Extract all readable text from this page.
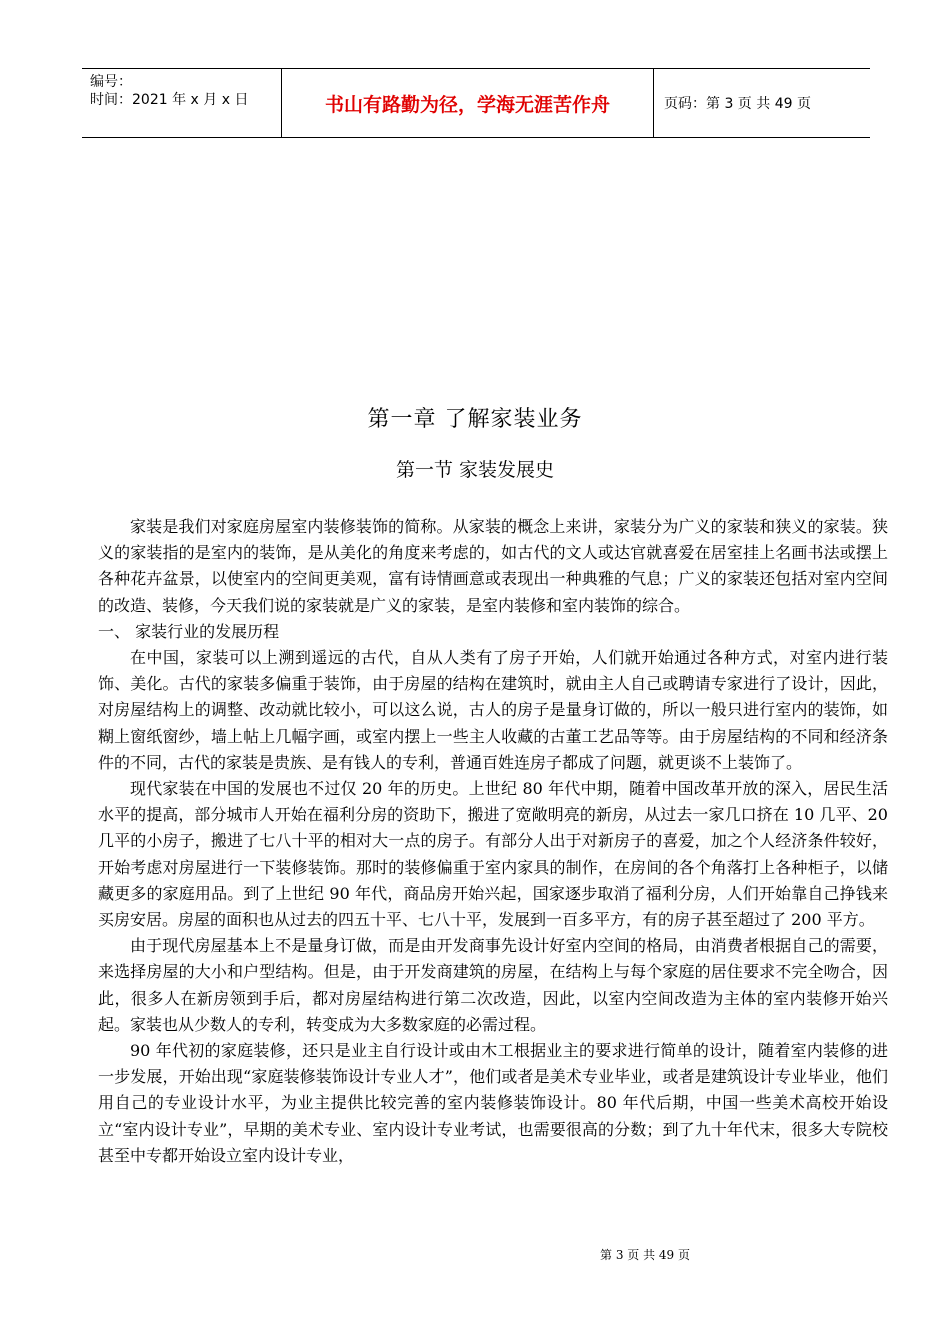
编号：
时间：2021 年 x 月 x 日	书山有路勤为径，学海无涯苦作舟	页码：第 3 页 共 49 页
第一章 了解家装业务
第一节 家装发展史

家装是我们对家庭房屋室内装修装饰的简称。从家装的概念上来讲，家装分为广义的家装和狭义的家装。狭义的家装指的是室内的装饰，是从美化的角度来考虑的，如古代的文人或达官就喜爱在居室挂上名画书法或摆上各种花卉盆景，以使室内的空间更美观，富有诗情画意或表现出一种典雅的气息；广义的家装还包括对室内空间的改造、装修，今天我们说的家装就是广义的家装，是室内装修和室内装饰的综合。

一、 家装行业的发展历程

在中国，家装可以上溯到遥远的古代，自从人类有了房子开始，人们就开始通过各种方式，对室内进行装饰、美化。古代的家装多偏重于装饰，由于房屋的结构在建筑时，就由主人自己或聘请专家进行了设计，因此，对房屋结构上的调整、改动就比较小，可以这么说，古人的房子是量身订做的，所以一般只进行室内的装饰，如糊上窗纸窗纱，墙上帖上几幅字画，或室内摆上一些主人收藏的古董工艺品等等。由于房屋结构的不同和经济条件的不同，古代的家装是贵族、是有钱人的专利，普通百姓连房子都成了问题，就更谈不上装饰了。

现代家装在中国的发展也不过仅 20 年的历史。上世纪 80 年代中期，随着中国改革开放的深入，居民生活水平的提高，部分城市人开始在福利分房的资助下，搬进了宽敞明亮的新房，从过去一家几口挤在 10 几平、20 几平的小房子，搬进了七八十平的相对大一点的房子。有部分人出于对新房子的喜爱，加之个人经济条件较好，开始考虑对房屋进行一下装修装饰。那时的装修偏重于室内家具的制作，在房间的各个角落打上各种柜子，以储藏更多的家庭用品。到了上世纪 90 年代，商品房开始兴起，国家逐步取消了福利分房，人们开始靠自己挣钱来买房安居。房屋的面积也从过去的四五十平、七八十平，发展到一百多平方，有的房子甚至超过了 200 平方。

由于现代房屋基本上不是量身订做，而是由开发商事先设计好室内空间的格局，由消费者根据自己的需要，来选择房屋的大小和户型结构。但是，由于开发商建筑的房屋，在结构上与每个家庭的居住要求不完全吻合，因此，很多人在新房领到手后，都对房屋结构进行第二次改造，因此，以室内空间改造为主体的室内装修开始兴起。家装也从少数人的专利，转变成为大多数家庭的必需过程。

90 年代初的家庭装修，还只是业主自行设计或由木工根据业主的要求进行简单的设计，随着室内装修的进一步发展，开始出现“家庭装修装饰设计专业人才”，他们或者是美术专业毕业，或者是建筑设计专业毕业，他们用自己的专业设计水平，为业主提供比较完善的室内装修装饰设计。80 年代后期，中国一些美术高校开始设立“室内设计专业”，早期的美术专业、室内设计专业考试，也需要很高的分数；到了九十年代末，很多大专院校甚至中专都开始设立室内设计专业，

第 3 页 共 49 页
